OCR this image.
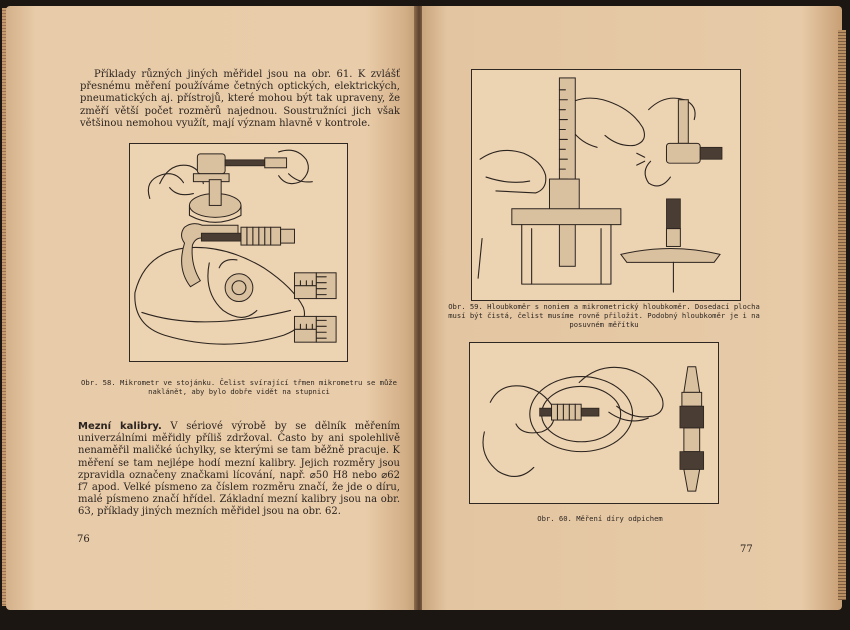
Příklady různých jiných měřidel jsou na obr. 61. K zvlášť přesnému měření používáme četných optických, elektrických, pneumatických aj. přístrojů, které mohou být tak upraveny, že změří větší počet rozměrů najednou. Soustružníci jich však většinou nemohou využít, mají význam hlavně v kontrole.

Obr. 58. Mikrometr ve stojánku. Čelist svírající třmen mikrometru se může naklánět, aby bylo dobře vidět na stupnici

Mezní kalibry. V sériové výrobě by se dělník měřením univerzálními měřidly příliš zdržoval. Často by ani spolehlivě nenaměřil maličké úchylky, se kterými se tam běžně pracuje. K měření se tam nejlépe hodí mezní kalibry. Jejich rozměry jsou zpravidla označeny značkami lícování, např. ⌀50 H8 nebo ⌀62 f7 apod. Velké písmeno za číslem rozměru značí, že jde o díru, malé písmeno značí hřídel. Základní mezní kalibry jsou na obr. 63, příklady jiných mezních měřidel jsou na obr. 62.

76

Obr. 59. Hloubkoměr s noniem a mikrometrický hloubkoměr. Dosedací plocha musí být čistá, čelist musíme rovně přiložit. Podobný hloubkoměr je i na posuvném měřítku

Obr. 60. Měření díry odpichem

77
